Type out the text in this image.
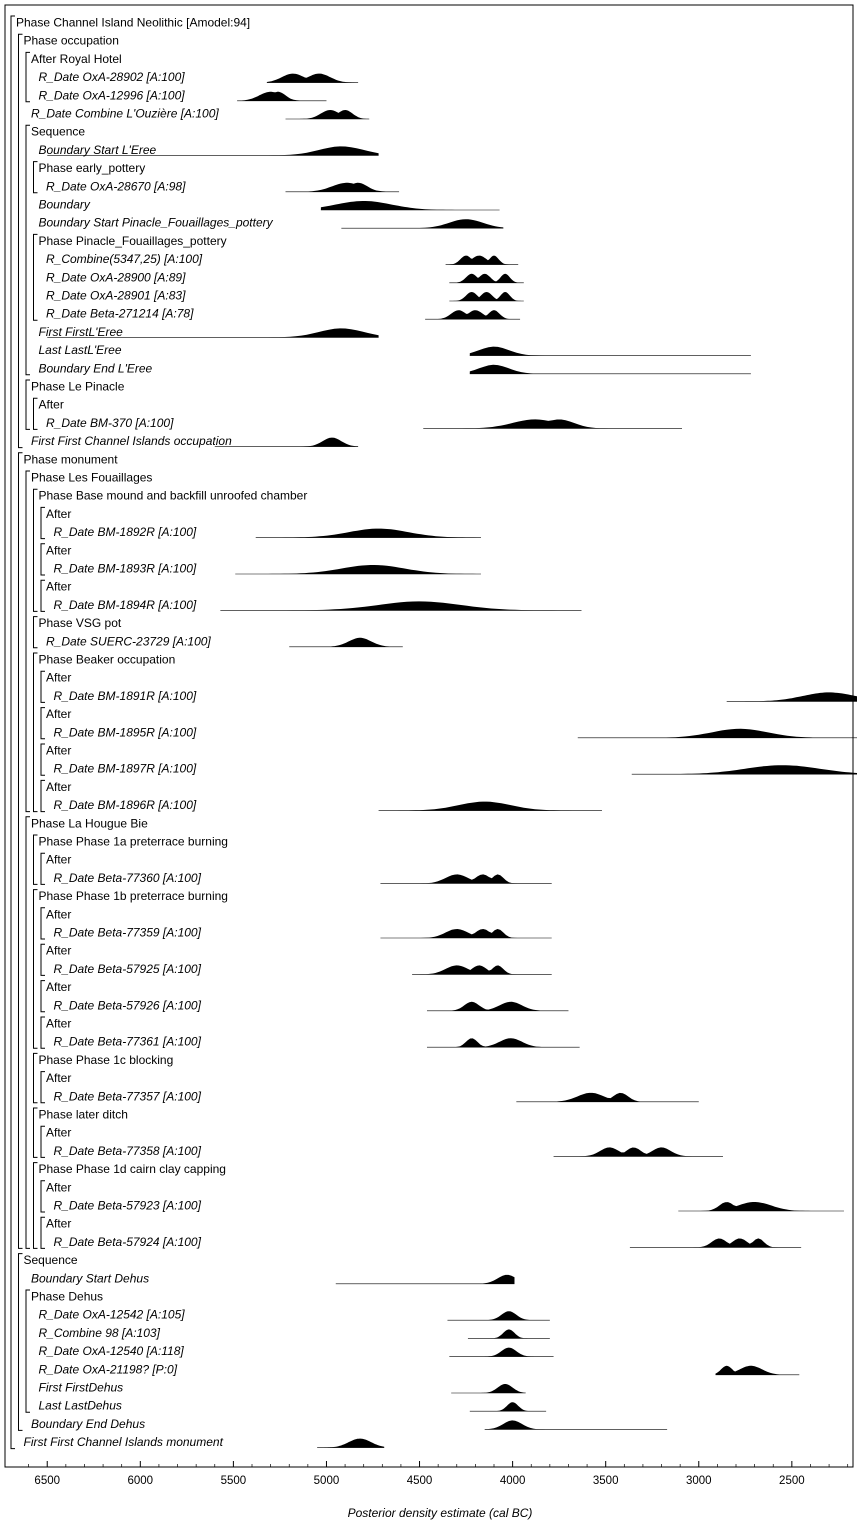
Phase Channel Island Neolithic [Amodel:94]
Phase occupation
After Royal Hotel
R_Date OxA-28902 [A:100]
R_Date OxA-12996 [A:100]
R_Date Combine L'Ouzière [A:100]
Sequence
Boundary Start L'Eree
Phase early_pottery
R_Date OxA-28670 [A:98]
Boundary
Boundary Start Pinacle_Fouaillages_pottery
Phase Pinacle_Fouaillages_pottery
R_Combine(5347,25) [A:100]
R_Date OxA-28900 [A:89]
R_Date OxA-28901 [A:83]
R_Date Beta-271214 [A:78]
First FirstL'Eree
Last LastL'Eree
Boundary End L'Eree
Phase Le Pinacle
After
R_Date BM-370 [A:100]
First First Channel Islands occupation
Phase monument
Phase Les Fouaillages
Phase Base mound and backfill unroofed chamber
After
R_Date BM-1892R [A:100]
After
R_Date BM-1893R [A:100]
After
R_Date BM-1894R [A:100]
Phase VSG pot
R_Date SUERC-23729 [A:100]
Phase Beaker occupation
After
R_Date BM-1891R [A:100]
After
R_Date BM-1895R [A:100]
After
R_Date BM-1897R [A:100]
After
R_Date BM-1896R [A:100]
Phase La Hougue Bie
Phase Phase 1a preterrace burning
After
R_Date Beta-77360 [A:100]
Phase Phase 1b preterrace burning
After
R_Date Beta-77359 [A:100]
After
R_Date Beta-57925 [A:100]
After
R_Date Beta-57926 [A:100]
After
R_Date Beta-77361 [A:100]
Phase Phase 1c blocking
After
R_Date Beta-77357 [A:100]
Phase later ditch
After
R_Date Beta-77358 [A:100]
Phase Phase 1d cairn clay capping
After
R_Date Beta-57923 [A:100]
After
R_Date Beta-57924 [A:100]
Sequence
Boundary Start Dehus
Phase Dehus
R_Date OxA-12542 [A:105]
R_Combine 98 [A:103]
R_Date OxA-12540 [A:118]
R_Date OxA-21198? [P:0]
First FirstDehus
Last LastDehus
Boundary End Dehus
First First Channel Islands monument
6500	6000	5500	5000	4500	4000	3500	3000	2500
Posterior density estimate (cal BC)
